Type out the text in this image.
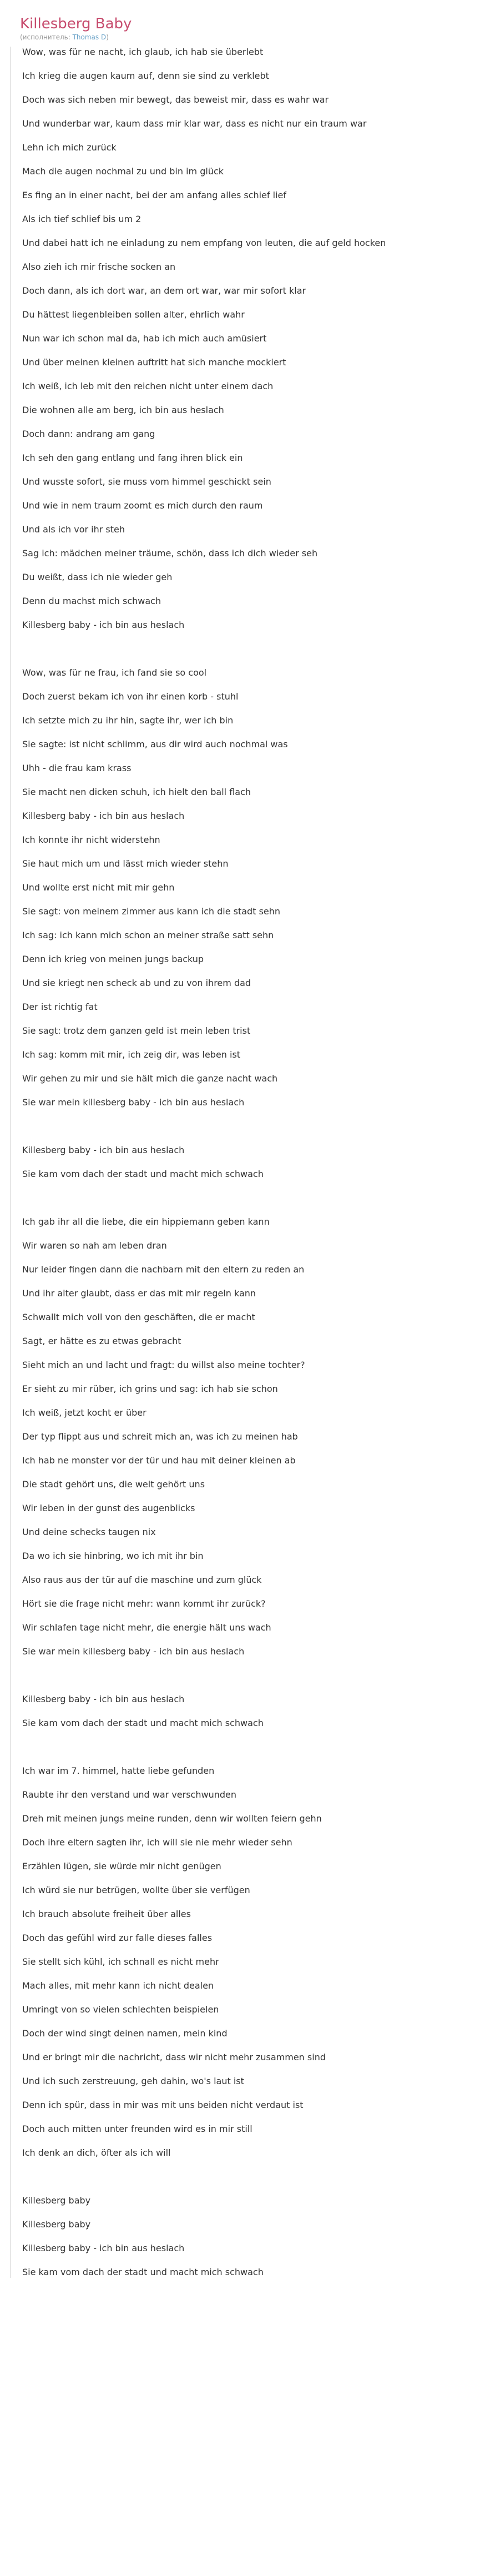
Killesberg Baby
(исполнитель: Thomas D)
Wow, was für ne nacht, ich glaub, ich hab sie überlebt
Ich krieg die augen kaum auf, denn sie sind zu verklebt
Doch was sich neben mir bewegt, das beweist mir, dass es wahr war
Und wunderbar war, kaum dass mir klar war, dass es nicht nur ein traum war
Lehn ich mich zurück
Mach die augen nochmal zu und bin im glück
Es fing an in einer nacht, bei der am anfang alles schief lief
Als ich tief schlief bis um 2
Und dabei hatt ich ne einladung zu nem empfang von leuten, die auf geld hocken
Also zieh ich mir frische socken an
Doch dann, als ich dort war, an dem ort war, war mir sofort klar
Du hättest liegenbleiben sollen alter, ehrlich wahr
Nun war ich schon mal da, hab ich mich auch amüsiert
Und über meinen kleinen auftritt hat sich manche mockiert
Ich weiß, ich leb mit den reichen nicht unter einem dach
Die wohnen alle am berg, ich bin aus heslach
Doch dann: andrang am gang
Ich seh den gang entlang und fang ihren blick ein
Und wusste sofort, sie muss vom himmel geschickt sein
Und wie in nem traum zoomt es mich durch den raum
Und als ich vor ihr steh
Sag ich: mädchen meiner träume, schön, dass ich dich wieder seh
Du weißt, dass ich nie wieder geh
Denn du machst mich schwach
Killesberg baby - ich bin aus heslach
Wow, was für ne frau, ich fand sie so cool
Doch zuerst bekam ich von ihr einen korb - stuhl
Ich setzte mich zu ihr hin, sagte ihr, wer ich bin
Sie sagte: ist nicht schlimm, aus dir wird auch nochmal was
Uhh - die frau kam krass
Sie macht nen dicken schuh, ich hielt den ball flach
Killesberg baby - ich bin aus heslach
Ich konnte ihr nicht widerstehn
Sie haut mich um und lässt mich wieder stehn
Und wollte erst nicht mit mir gehn
Sie sagt: von meinem zimmer aus kann ich die stadt sehn
Ich sag: ich kann mich schon an meiner straße satt sehn
Denn ich krieg von meinen jungs backup
Und sie kriegt nen scheck ab und zu von ihrem dad
Der ist richtig fat
Sie sagt: trotz dem ganzen geld ist mein leben trist
Ich sag: komm mit mir, ich zeig dir, was leben ist
Wir gehen zu mir und sie hält mich die ganze nacht wach
Sie war mein killesberg baby - ich bin aus heslach
Killesberg baby - ich bin aus heslach
Sie kam vom dach der stadt und macht mich schwach
Ich gab ihr all die liebe, die ein hippiemann geben kann
Wir waren so nah am leben dran
Nur leider fingen dann die nachbarn mit den eltern zu reden an
Und ihr alter glaubt, dass er das mit mir regeln kann
Schwallt mich voll von den geschäften, die er macht
Sagt, er hätte es zu etwas gebracht
Sieht mich an und lacht und fragt: du willst also meine tochter?
Er sieht zu mir rüber, ich grins und sag: ich hab sie schon
Ich weiß, jetzt kocht er über
Der typ flippt aus und schreit mich an, was ich zu meinen hab
Ich hab ne monster vor der tür und hau mit deiner kleinen ab
Die stadt gehört uns, die welt gehört uns
Wir leben in der gunst des augenblicks
Und deine schecks taugen nix
Da wo ich sie hinbring, wo ich mit ihr bin
Also raus aus der tür auf die maschine und zum glück
Hört sie die frage nicht mehr: wann kommt ihr zurück?
Wir schlafen tage nicht mehr, die energie hält uns wach
Sie war mein killesberg baby - ich bin aus heslach
Killesberg baby - ich bin aus heslach
Sie kam vom dach der stadt und macht mich schwach
Ich war im 7. himmel, hatte liebe gefunden
Raubte ihr den verstand und war verschwunden
Dreh mit meinen jungs meine runden, denn wir wollten feiern gehn
Doch ihre eltern sagten ihr, ich will sie nie mehr wieder sehn
Erzählen lügen, sie würde mir nicht genügen
Ich würd sie nur betrügen, wollte über sie verfügen
Ich brauch absolute freiheit über alles
Doch das gefühl wird zur falle dieses falles
Sie stellt sich kühl, ich schnall es nicht mehr
Mach alles, mit mehr kann ich nicht dealen
Umringt von so vielen schlechten beispielen
Doch der wind singt deinen namen, mein kind
Und er bringt mir die nachricht, dass wir nicht mehr zusammen sind
Und ich such zerstreuung, geh dahin, wo's laut ist
Denn ich spür, dass in mir was mit uns beiden nicht verdaut ist
Doch auch mitten unter freunden wird es in mir still
Ich denk an dich, öfter als ich will
Killesberg baby
Killesberg baby
Killesberg baby - ich bin aus heslach
Sie kam vom dach der stadt und macht mich schwach
